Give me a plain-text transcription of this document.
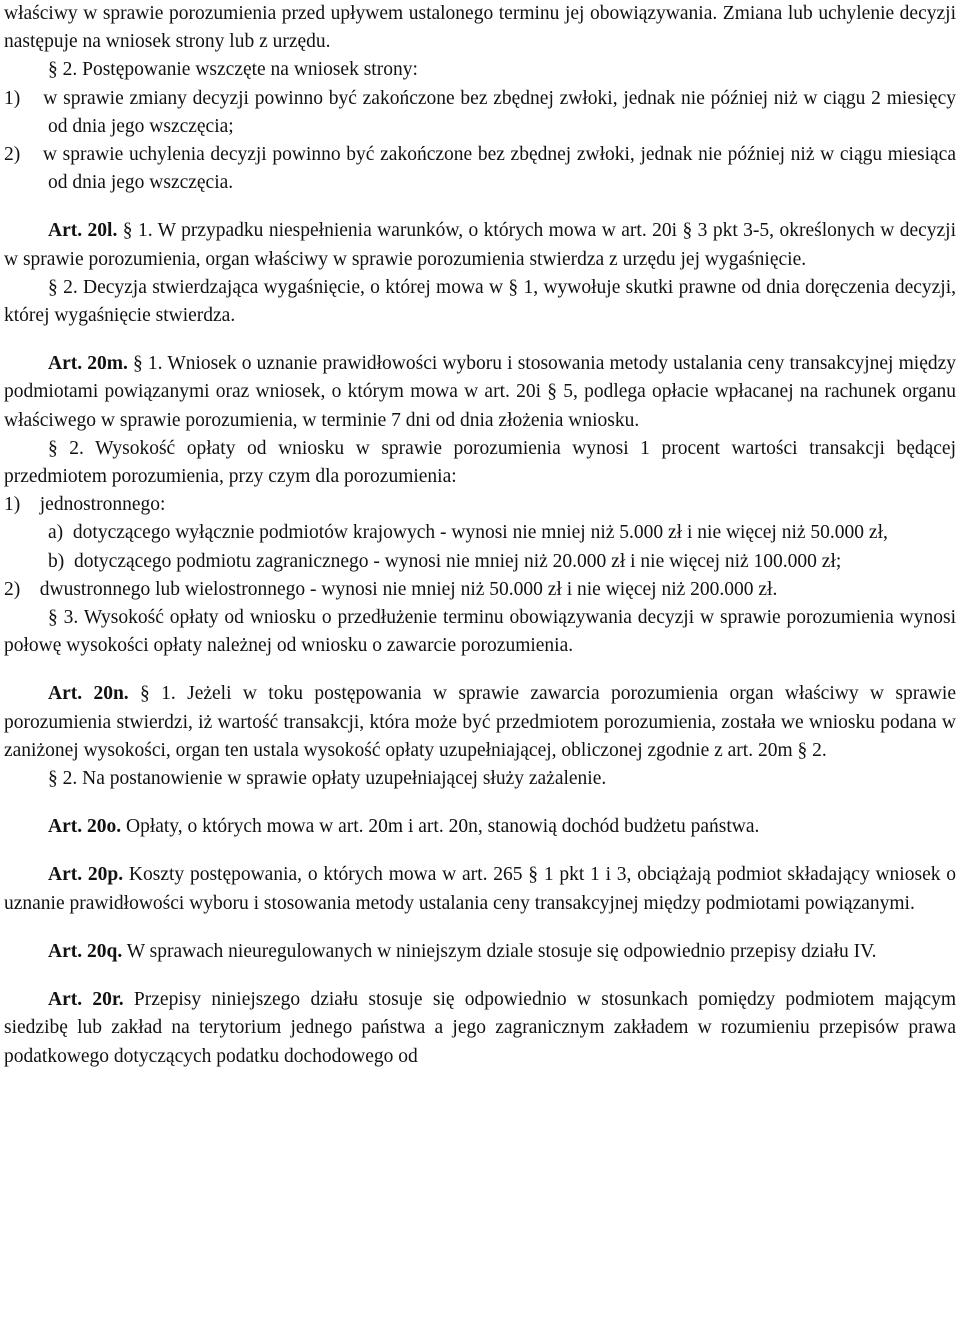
właściwy w sprawie porozumienia przed upływem ustalonego terminu jej obowiązywania. Zmiana lub uchylenie decyzji następuje na wniosek strony lub z urzędu.

§ 2. Postępowanie wszczęte na wniosek strony:

1)    w sprawie zmiany decyzji powinno być zakończone bez zbędnej zwłoki, jednak nie później niż w ciągu 2 miesięcy od dnia jego wszczęcia;

2)    w sprawie uchylenia decyzji powinno być zakończone bez zbędnej zwłoki, jednak nie później niż w ciągu miesiąca od dnia jego wszczęcia.

Art. 20l. § 1. W przypadku niespełnienia warunków, o których mowa w art. 20i § 3 pkt 3-5, określonych w decyzji w sprawie porozumienia, organ właściwy w sprawie porozumienia stwierdza z urzędu jej wygaśnięcie.

§ 2. Decyzja stwierdzająca wygaśnięcie, o której mowa w § 1, wywołuje skutki prawne od dnia doręczenia decyzji, której wygaśnięcie stwierdza.

Art. 20m. § 1. Wniosek o uznanie prawidłowości wyboru i stosowania metody ustalania ceny transakcyjnej między podmiotami powiązanymi oraz wniosek, o którym mowa w art. 20i § 5, podlega opłacie wpłacanej na rachunek organu właściwego w sprawie porozumienia, w terminie 7 dni od dnia złożenia wniosku.

§ 2. Wysokość opłaty od wniosku w sprawie porozumienia wynosi 1 procent wartości transakcji będącej przedmiotem porozumienia, przy czym dla porozumienia:

1)    jednostronnego:

a)  dotyczącego wyłącznie podmiotów krajowych - wynosi nie mniej niż 5.000 zł i nie więcej niż 50.000 zł,

b)  dotyczącego podmiotu zagranicznego - wynosi nie mniej niż 20.000 zł i nie więcej niż 100.000 zł;

2)    dwustronnego lub wielostronnego - wynosi nie mniej niż 50.000 zł i nie więcej niż 200.000 zł.

§ 3. Wysokość opłaty od wniosku o przedłużenie terminu obowiązywania decyzji w sprawie porozumienia wynosi połowę wysokości opłaty należnej od wniosku o zawarcie porozumienia.

Art. 20n. § 1. Jeżeli w toku postępowania w sprawie zawarcia porozumienia organ właściwy w sprawie porozumienia stwierdzi, iż wartość transakcji, która może być przedmiotem porozumienia, została we wniosku podana w zaniżonej wysokości, organ ten ustala wysokość opłaty uzupełniającej, obliczonej zgodnie z art. 20m § 2.

§ 2. Na postanowienie w sprawie opłaty uzupełniającej służy zażalenie.

Art. 20o. Opłaty, o których mowa w art. 20m i art. 20n, stanowią dochód budżetu państwa.

Art. 20p. Koszty postępowania, o których mowa w art. 265 § 1 pkt 1 i 3, obciążają podmiot składający wniosek o uznanie prawidłowości wyboru i stosowania metody ustalania ceny transakcyjnej między podmiotami powiązanymi.

Art. 20q. W sprawach nieuregulowanych w niniejszym dziale stosuje się odpowiednio przepisy działu IV.

Art. 20r. Przepisy niniejszego działu stosuje się odpowiednio w stosunkach pomiędzy podmiotem mającym siedzibę lub zakład na terytorium jednego państwa a jego zagranicznym zakładem w rozumieniu przepisów prawa podatkowego dotyczących podatku dochodowego od
